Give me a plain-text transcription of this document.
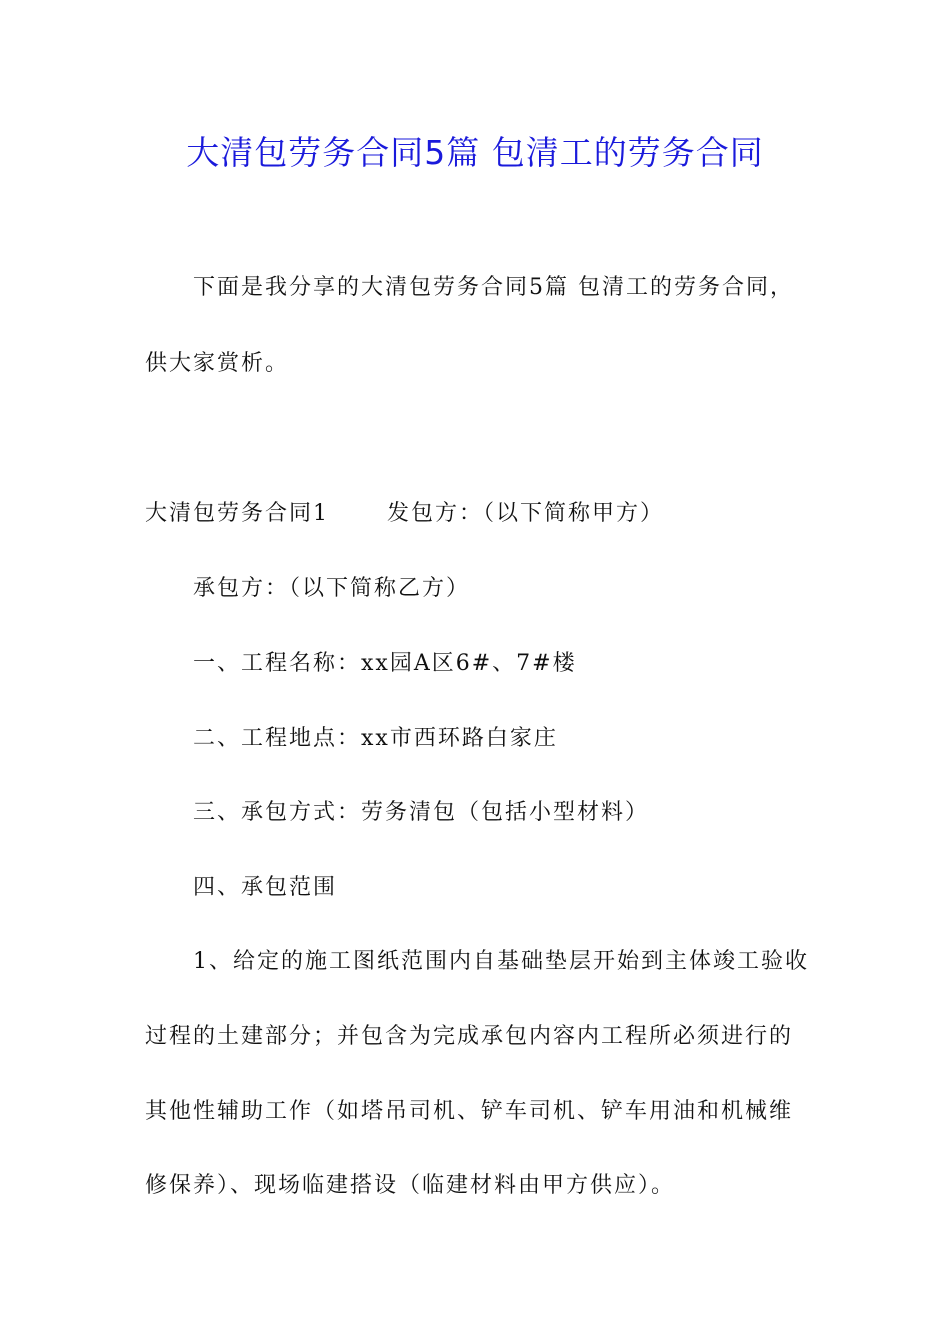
大清包劳务合同5篇 包清工的劳务合同

下面是我分享的大清包劳务合同5篇 包清工的劳务合同，

供大家赏析。

大清包劳务合同1	发包方：（以下简称甲方）

承包方：（以下简称乙方）

一、工程名称：xx园A区6#、7#楼

二、工程地点：xx市西环路白家庄

三、承包方式：劳务清包（包括小型材料）

四、承包范围

1、给定的施工图纸范围内自基础垫层开始到主体竣工验收

过程的土建部分；并包含为完成承包内容内工程所必须进行的

其他性辅助工作（如塔吊司机、铲车司机、铲车用油和机械维

修保养）、现场临建搭设（临建材料由甲方供应）。
